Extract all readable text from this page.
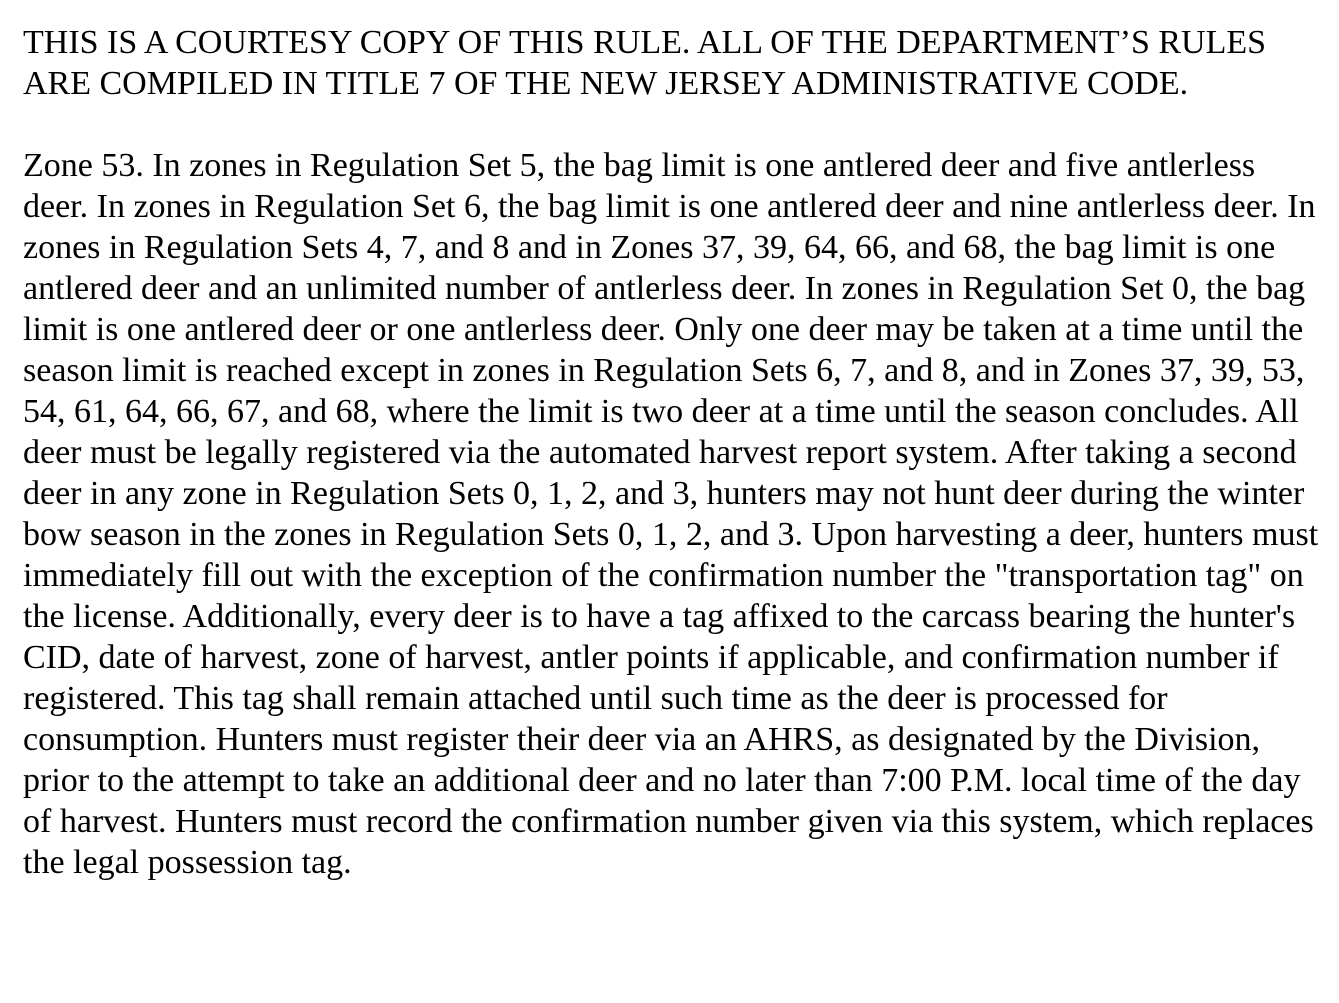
THIS IS A COURTESY COPY OF THIS RULE. ALL OF THE DEPARTMENT’S RULES ARE COMPILED IN TITLE 7 OF THE NEW JERSEY ADMINISTRATIVE CODE.

Zone 53. In zones in Regulation Set 5, the bag limit is one antlered deer and five antlerless deer. In zones in Regulation Set 6, the bag limit is one antlered deer and nine antlerless deer. In zones in Regulation Sets 4, 7, and 8 and in Zones 37, 39, 64, 66, and 68, the bag limit is one antlered deer and an unlimited number of antlerless deer. In zones in Regulation Set 0, the bag limit is one antlered deer or one antlerless deer. Only one deer may be taken at a time until the season limit is reached except in zones in Regulation Sets 6, 7, and 8, and in Zones 37, 39, 53, 54, 61, 64, 66, 67, and 68, where the limit is two deer at a time until the season concludes. All deer must be legally registered via the automated harvest report system. After taking a second deer in any zone in Regulation Sets 0, 1, 2, and 3, hunters may not hunt deer during the winter bow season in the zones in Regulation Sets 0, 1, 2, and 3. Upon harvesting a deer, hunters must immediately fill out with the exception of the confirmation number the "transportation tag" on the license. Additionally, every deer is to have a tag affixed to the carcass bearing the hunter's CID, date of harvest, zone of harvest, antler points if applicable, and confirmation number if registered. This tag shall remain attached until such time as the deer is processed for consumption. Hunters must register their deer via an AHRS, as designated by the Division, prior to the attempt to take an additional deer and no later than 7:00 P.M. local time of the day of harvest. Hunters must record the confirmation number given via this system, which replaces the legal possession tag.
